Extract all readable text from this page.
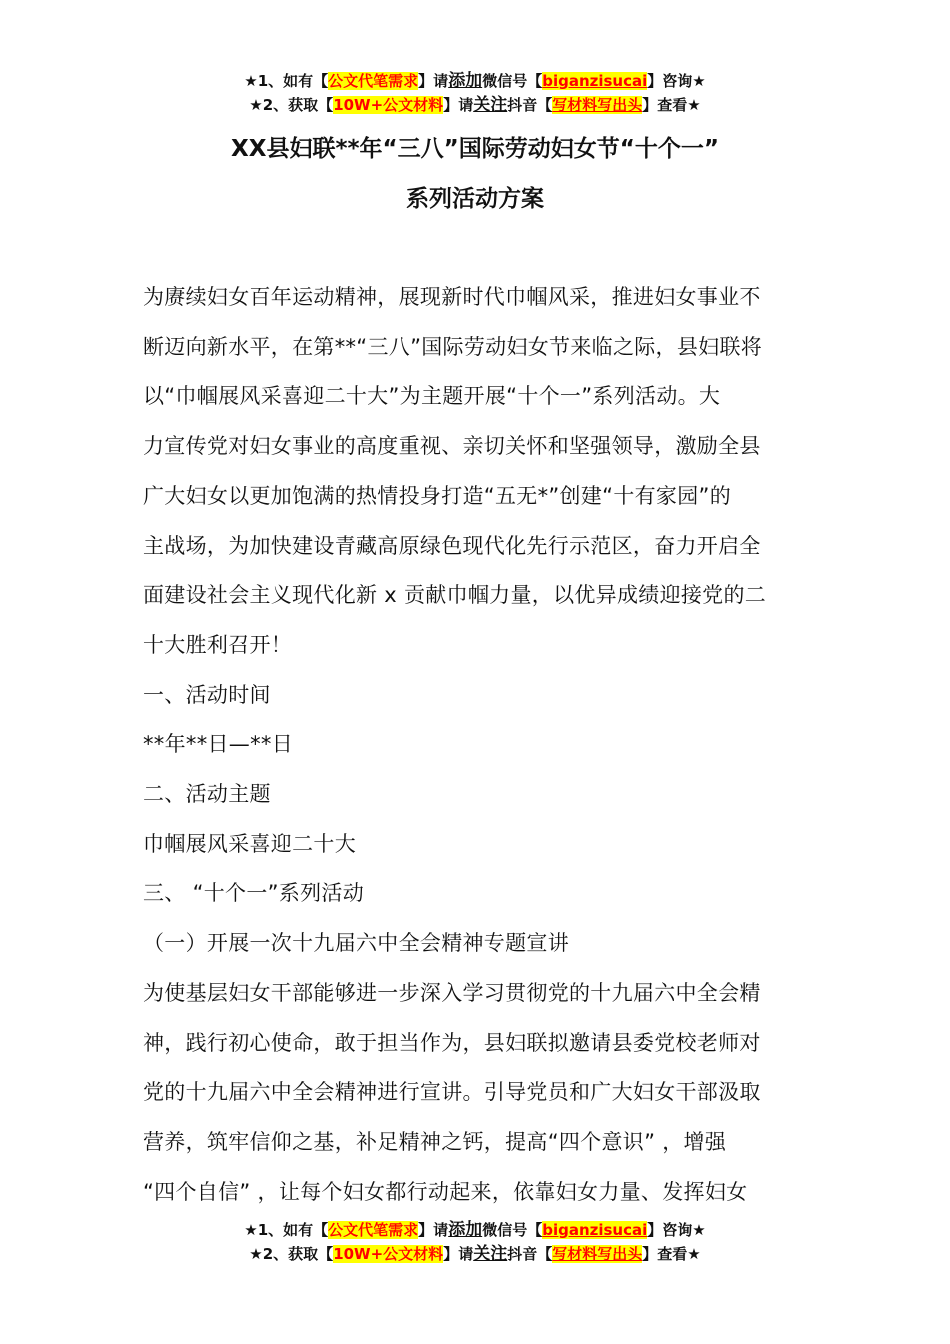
★1、如有【公文代笔需求】请添加微信号【biganzisucai】咨询★
★2、获取【10W+公文材料】请关注抖音【写材料写出头】查看★
XX县妇联**年“三八”国际劳动妇女节“十个一”
系列活动方案
为赓续妇女百年运动精神，展现新时代巾帼风采，推进妇女事业不
断迈向新水平，在第**“三八”国际劳动妇女节来临之际，县妇联将
以“巾帼展风采喜迎二十大”为主题开展“十个一”系列活动。大
力宣传党对妇女事业的高度重视、亲切关怀和坚强领导，激励全县
广大妇女以更加饱满的热情投身打造“五无*”创建“十有家园”的
主战场，为加快建设青藏高原绿色现代化先行示范区，奋力开启全
面建设社会主义现代化新 x 贡献巾帼力量，以优异成绩迎接党的二
十大胜利召开！
一、活动时间
**年**日—**日
二、活动主题
巾帼展风采喜迎二十大
三、 “十个一”系列活动
（一）开展一次十九届六中全会精神专题宣讲
为使基层妇女干部能够进一步深入学习贯彻党的十九届六中全会精
神，践行初心使命，敢于担当作为，县妇联拟邀请县委党校老师对
党的十九届六中全会精神进行宣讲。引导党员和广大妇女干部汲取
营养，筑牢信仰之基，补足精神之钙，提高“四个意识” ，增强
“四个自信” ，让每个妇女都行动起来，依靠妇女力量、发挥妇女
★1、如有【公文代笔需求】请添加微信号【biganzisucai】咨询★
★2、获取【10W+公文材料】请关注抖音【写材料写出头】查看★
